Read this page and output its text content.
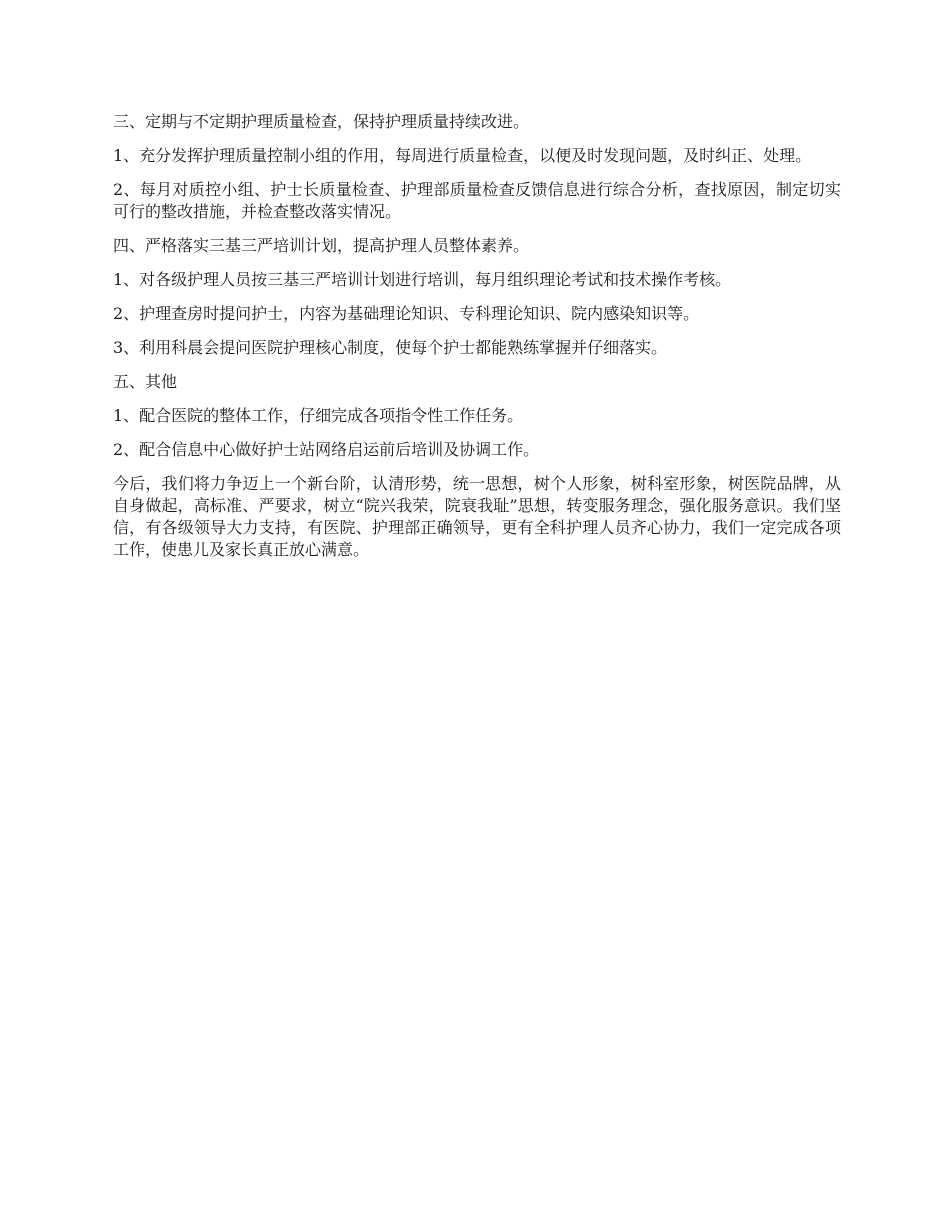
三、定期与不定期护理质量检查，保持护理质量持续改进。

1、充分发挥护理质量控制小组的作用，每周进行质量检查，以便及时发现问题，及时纠正、处理。

2、每月对质控小组、护士长质量检查、护理部质量检查反馈信息进行综合分析，查找原因，制定切实可行的整改措施，并检查整改落实情况。

四、严格落实三基三严培训计划，提高护理人员整体素养。

1、对各级护理人员按三基三严培训计划进行培训，每月组织理论考试和技术操作考核。

2、护理查房时提问护士，内容为基础理论知识、专科理论知识、院内感染知识等。

3、利用科晨会提问医院护理核心制度，使每个护士都能熟练掌握并仔细落实。

五、其他

1、配合医院的整体工作，仔细完成各项指令性工作任务。

2、配合信息中心做好护士站网络启运前后培训及协调工作。

今后，我们将力争迈上一个新台阶，认清形势，统一思想，树个人形象，树科室形象，树医院品牌，从自身做起，高标准、严要求，树立“院兴我荣，院衰我耻”思想，转变服务理念，强化服务意识。我们坚信，有各级领导大力支持，有医院、护理部正确领导，更有全科护理人员齐心协力，我们一定完成各项工作，使患儿及家长真正放心满意。
